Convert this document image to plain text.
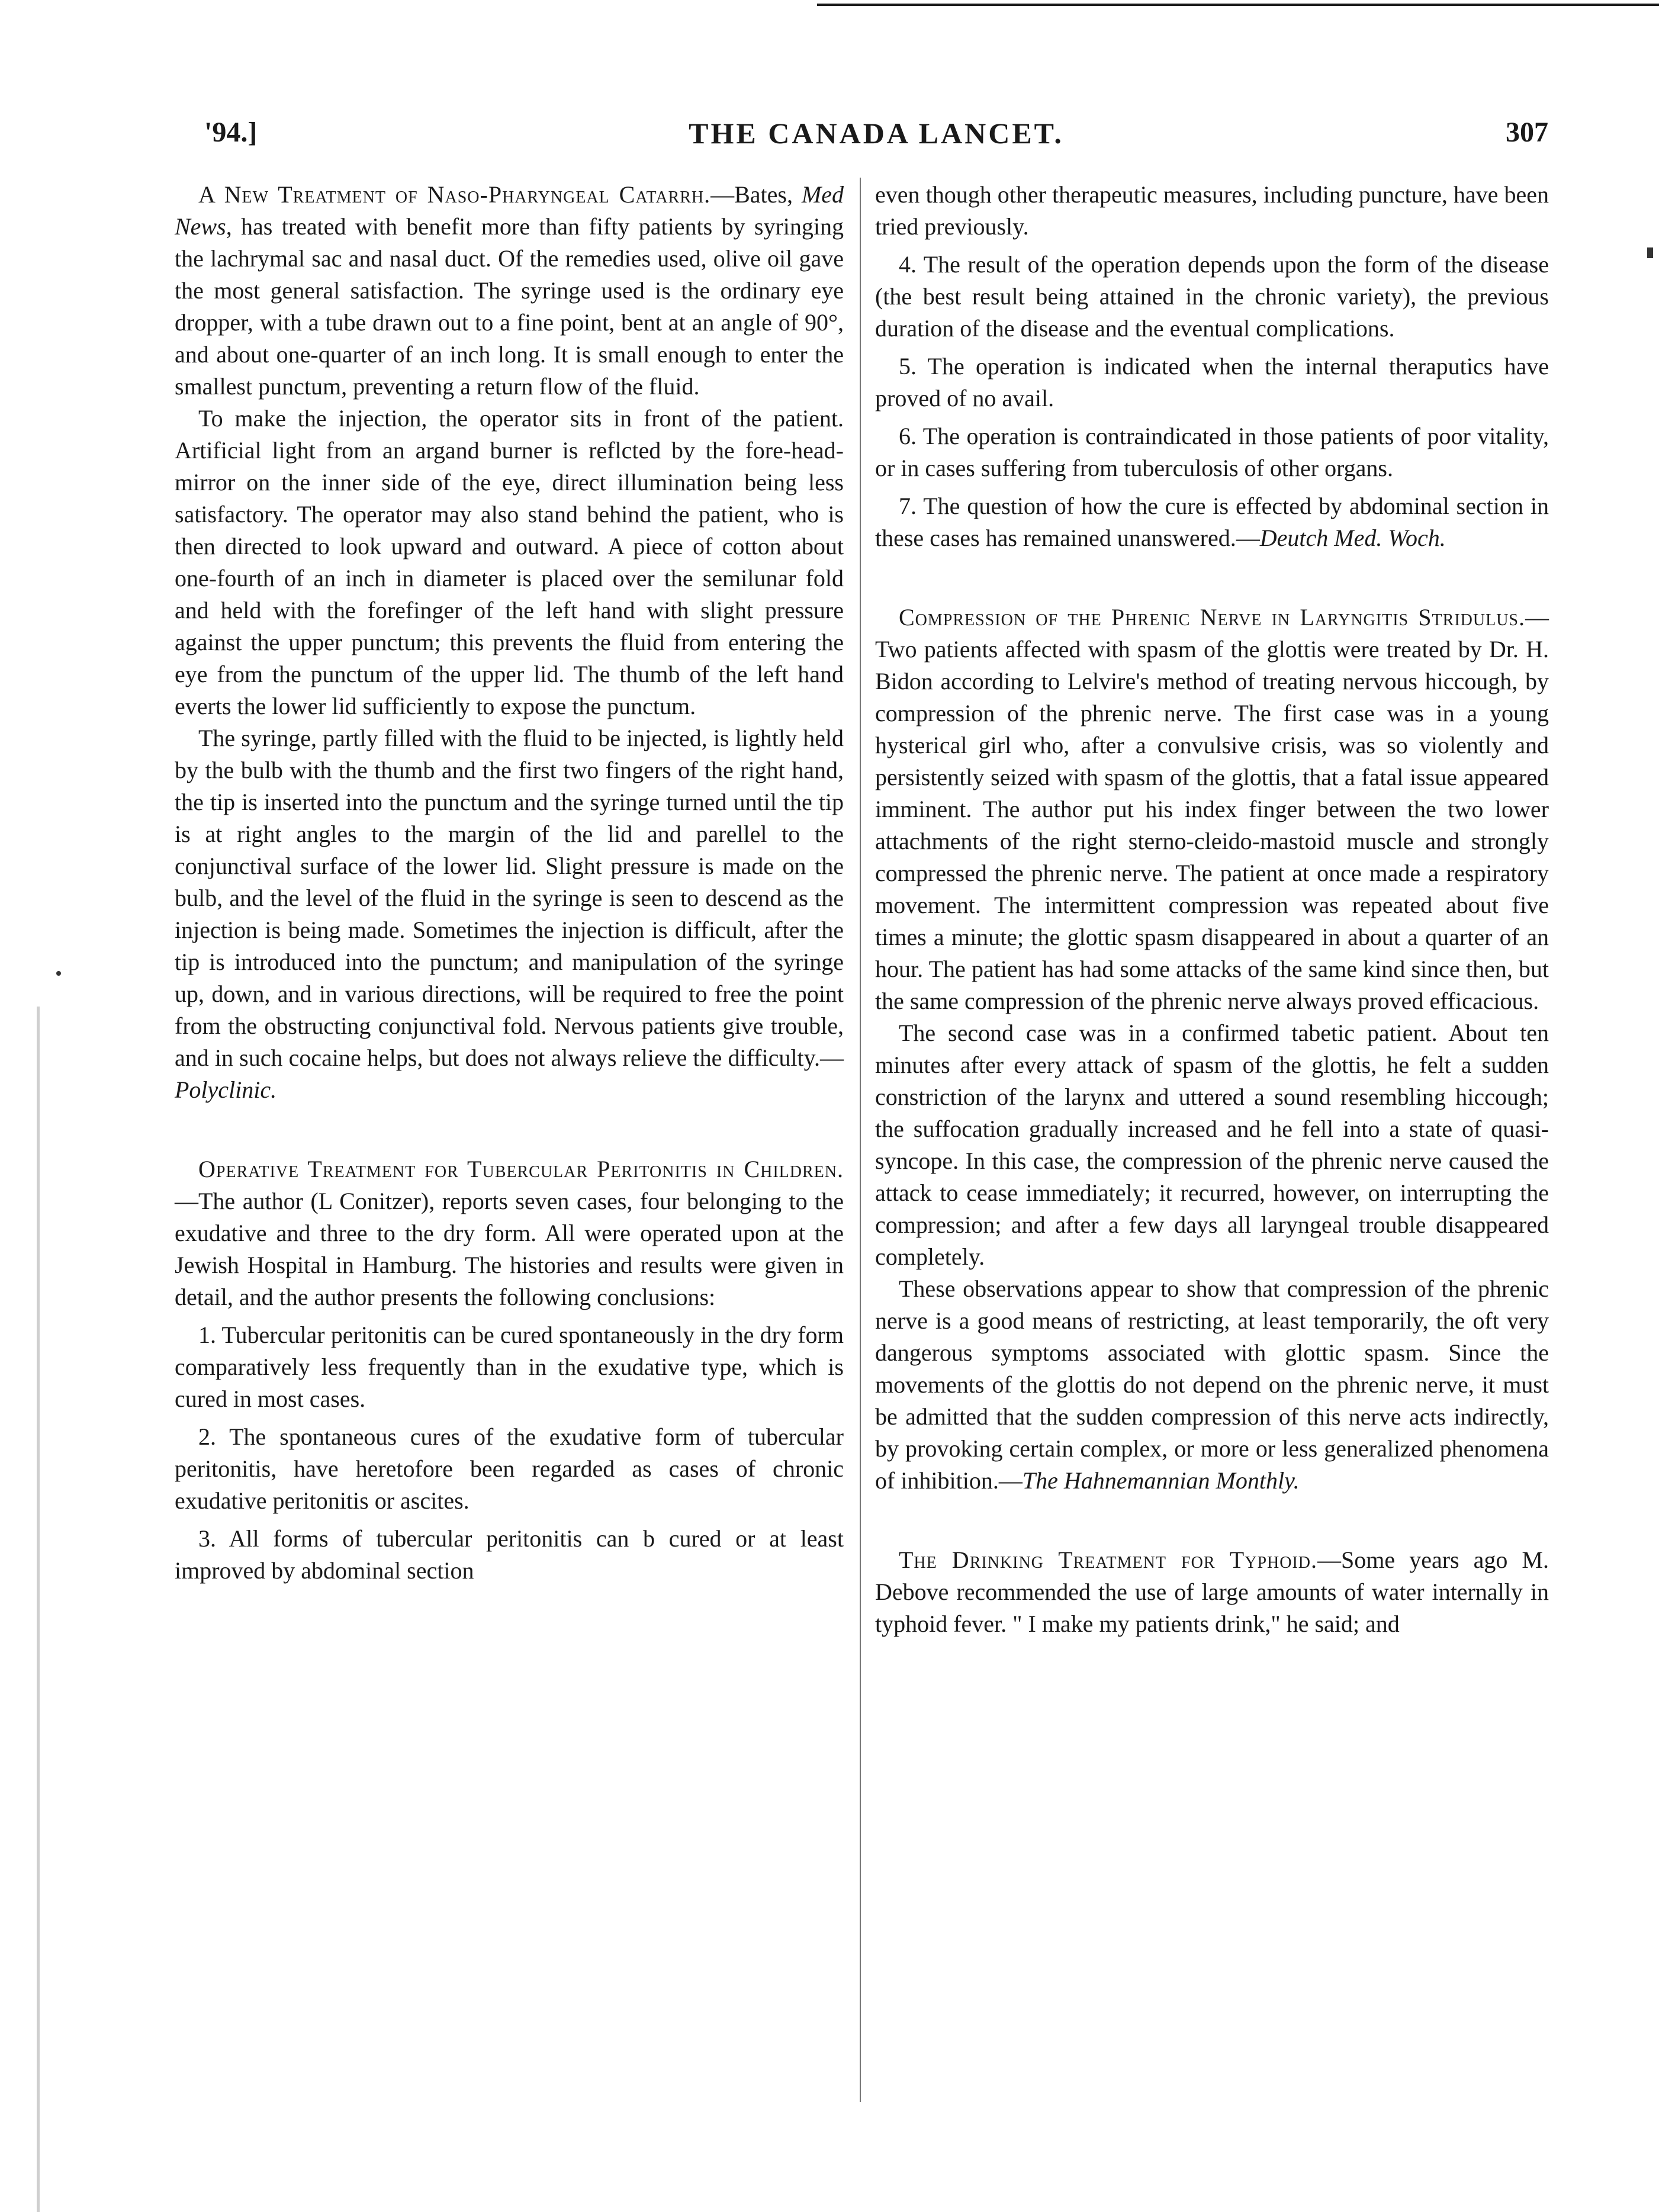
'94.]	THE CANADA LANCET.	307

A New Treatment of Naso-Pharyngeal Catarrh.—Bates, Med News, has treated with benefit more than fifty patients by syringing the lachrymal sac and nasal duct. Of the remedies used, olive oil gave the most general satisfaction. The syringe used is the ordinary eye dropper, with a tube drawn out to a fine point, bent at an angle of 90°, and about one-quarter of an inch long. It is small enough to enter the smallest punctum, preventing a return flow of the fluid.

To make the injection, the operator sits in front of the patient. Artificial light from an argand burner is reflcted by the fore-head-mirror on the inner side of the eye, direct illumination being less satisfactory. The operator may also stand behind the patient, who is then directed to look upward and outward. A piece of cotton about one-fourth of an inch in diameter is placed over the semilunar fold and held with the forefinger of the left hand with slight pressure against the upper punctum; this prevents the fluid from entering the eye from the punctum of the upper lid. The thumb of the left hand everts the lower lid sufficiently to expose the punctum.

The syringe, partly filled with the fluid to be injected, is lightly held by the bulb with the thumb and the first two fingers of the right hand, the tip is inserted into the punctum and the syringe turned until the tip is at right angles to the margin of the lid and parellel to the conjunctival surface of the lower lid. Slight pressure is made on the bulb, and the level of the fluid in the syringe is seen to descend as the injection is being made. Sometimes the injection is difficult, after the tip is introduced into the punctum; and manipulation of the syringe up, down, and in various directions, will be required to free the point from the obstructing conjunctival fold. Nervous patients give trouble, and in such cocaine helps, but does not always relieve the difficulty.—Polyclinic.

Operative Treatment for Tubercular Peritonitis in Children.—The author (L Conitzer), reports seven cases, four belonging to the exudative and three to the dry form. All were operated upon at the Jewish Hospital in Hamburg. The histories and results were given in detail, and the author presents the following conclusions:

1. Tubercular peritonitis can be cured spontaneously in the dry form comparatively less frequently than in the exudative type, which is cured in most cases.

2. The spontaneous cures of the exudative form of tubercular peritonitis, have heretofore been regarded as cases of chronic exudative peritonitis or ascites.

3. All forms of tubercular peritonitis can b cured or at least improved by abdominal section

even though other therapeutic measures, including puncture, have been tried previously.

4. The result of the operation depends upon the form of the disease (the best result being attained in the chronic variety), the previous duration of the disease and the eventual complications.

5. The operation is indicated when the internal theraputics have proved of no avail.

6. The operation is contraindicated in those patients of poor vitality, or in cases suffering from tuberculosis of other organs.

7. The question of how the cure is effected by abdominal section in these cases has remained unanswered.—Deutch Med. Woch.

Compression of the Phrenic Nerve in Laryngitis Stridulus.—Two patients affected with spasm of the glottis were treated by Dr. H. Bidon according to Lelvire's method of treating nervous hiccough, by compression of the phrenic nerve. The first case was in a young hysterical girl who, after a convulsive crisis, was so violently and persistently seized with spasm of the glottis, that a fatal issue appeared imminent. The author put his index finger between the two lower attachments of the right sterno-cleido-mastoid muscle and strongly compressed the phrenic nerve. The patient at once made a respiratory movement. The intermittent compression was repeated about five times a minute; the glottic spasm disappeared in about a quarter of an hour. The patient has had some attacks of the same kind since then, but the same compression of the phrenic nerve always proved efficacious.

The second case was in a confirmed tabetic patient. About ten minutes after every attack of spasm of the glottis, he felt a sudden constriction of the larynx and uttered a sound resembling hiccough; the suffocation gradually increased and he fell into a state of quasi-syncope. In this case, the compression of the phrenic nerve caused the attack to cease immediately; it recurred, however, on interrupting the compression; and after a few days all laryngeal trouble disappeared completely.

These observations appear to show that compression of the phrenic nerve is a good means of restricting, at least temporarily, the oft very dangerous symptoms associated with glottic spasm. Since the movements of the glottis do not depend on the phrenic nerve, it must be admitted that the sudden compression of this nerve acts indirectly, by provoking certain complex, or more or less generalized phenomena of inhibition.—The Hahnemannian Monthly.

The Drinking Treatment for Typhoid.—Some years ago M. Debove recommended the use of large amounts of water internally in typhoid fever. " I make my patients drink," he said; and
